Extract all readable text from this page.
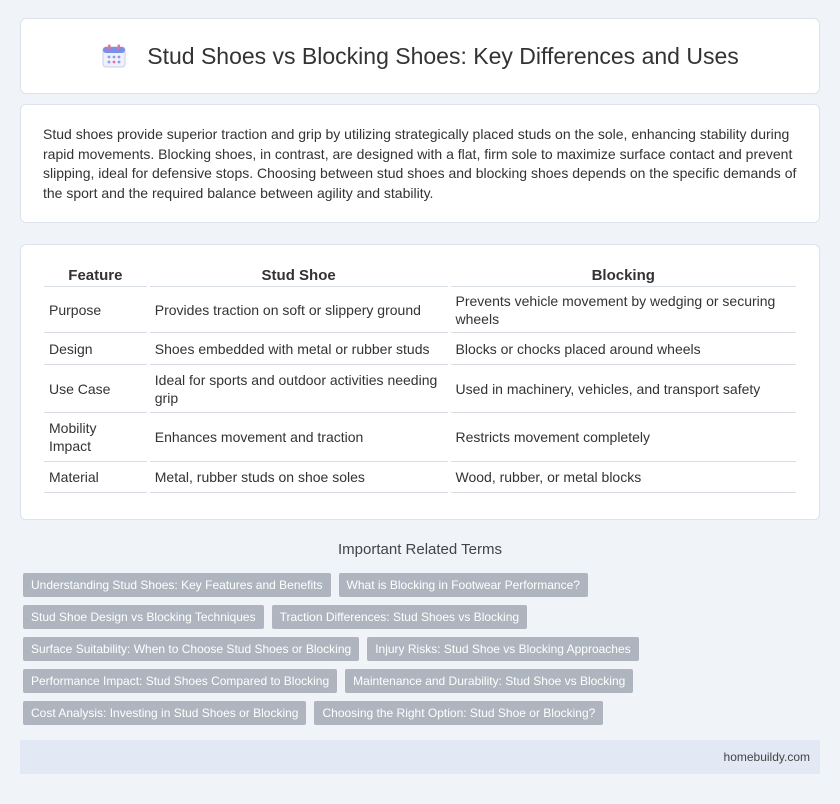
Stud Shoes vs Blocking Shoes: Key Differences and Uses

Stud shoes provide superior traction and grip by utilizing strategically placed studs on the sole, enhancing stability during rapid movements. Blocking shoes, in contrast, are designed with a flat, firm sole to maximize surface contact and prevent slipping, ideal for defensive stops. Choosing between stud shoes and blocking shoes depends on the specific demands of the sport and the required balance between agility and stability.

Feature	Stud Shoe	Blocking
Purpose	Provides traction on soft or slippery ground	Prevents vehicle movement by wedging or securing wheels
Design	Shoes embedded with metal or rubber studs	Blocks or chocks placed around wheels
Use Case	Ideal for sports and outdoor activities needing grip	Used in machinery, vehicles, and transport safety
Mobility Impact	Enhances movement and traction	Restricts movement completely
Material	Metal, rubber studs on shoe soles	Wood, rubber, or metal blocks
Important Related Terms
Understanding Stud Shoes: Key Features and Benefits	What is Blocking in Footwear Performance?
Stud Shoe Design vs Blocking Techniques	Traction Differences: Stud Shoes vs Blocking
Surface Suitability: When to Choose Stud Shoes or Blocking	Injury Risks: Stud Shoe vs Blocking Approaches
Performance Impact: Stud Shoes Compared to Blocking	Maintenance and Durability: Stud Shoe vs Blocking
Cost Analysis: Investing in Stud Shoes or Blocking	Choosing the Right Option: Stud Shoe or Blocking?
homebuildy.com
